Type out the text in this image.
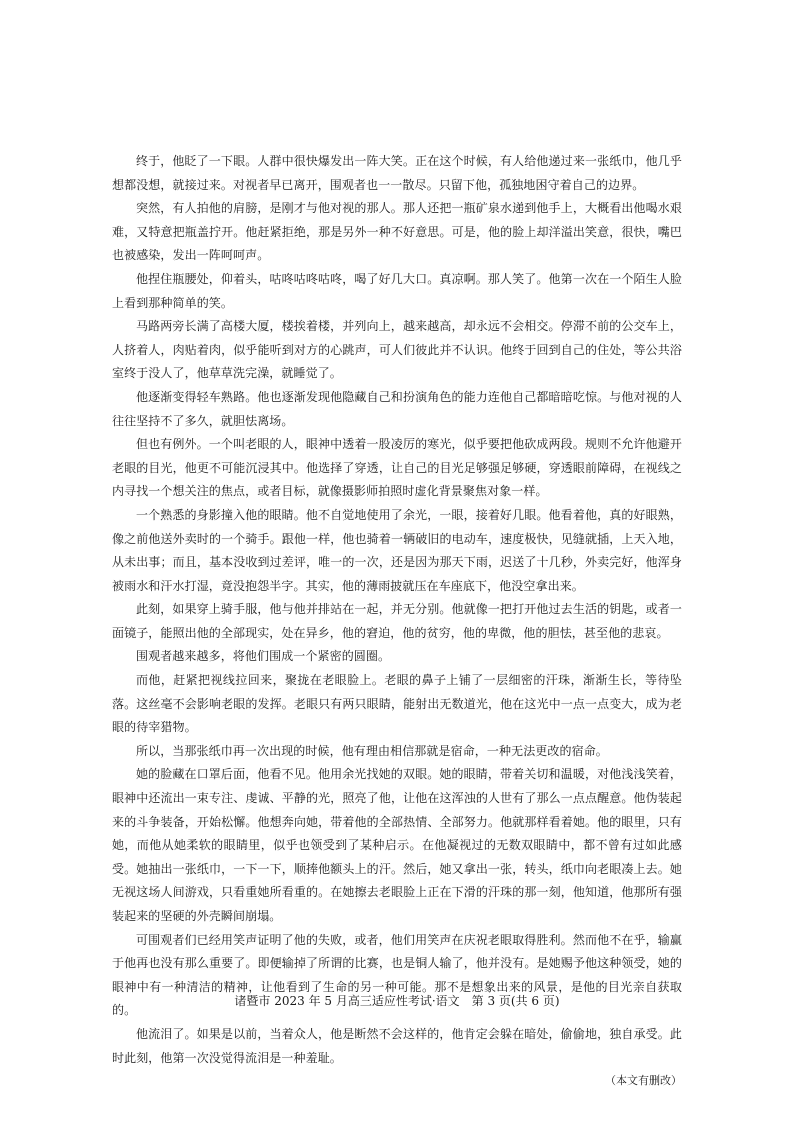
终于，他眨了一下眼。人群中很快爆发出一阵大笑。正在这个时候，有人给他递过来一张纸巾，他几乎想都没想，就接过来。对视者早已离开，围观者也一一散尽。只留下他，孤独地困守着自己的边界。

突然，有人拍他的肩膀，是刚才与他对视的那人。那人还把一瓶矿泉水递到他手上，大概看出他喝水艰难，又特意把瓶盖拧开。他赶紧拒绝，那是另外一种不好意思。可是，他的脸上却洋溢出笑意，很快，嘴巴也被感染，发出一阵呵呵声。

他捏住瓶腰处，仰着头，咕咚咕咚咕咚，喝了好几大口。真凉啊。那人笑了。他第一次在一个陌生人脸上看到那种简单的笑。

马路两旁长满了高楼大厦，楼挨着楼，并列向上，越来越高，却永远不会相交。停滞不前的公交车上，人挤着人，肉贴着肉，似乎能听到对方的心跳声，可人们彼此并不认识。他终于回到自己的住处，等公共浴室终于没人了，他草草洗完澡，就睡觉了。

他逐渐变得轻车熟路。他也逐渐发现他隐藏自己和扮演角色的能力连他自己都暗暗吃惊。与他对视的人往往坚持不了多久，就胆怯离场。

但也有例外。一个叫老眼的人，眼神中透着一股凌厉的寒光，似乎要把他砍成两段。规则不允许他避开老眼的目光，他更不可能沉浸其中。他选择了穿透，让自己的目光足够强足够硬，穿透眼前障碍，在视线之内寻找一个想关注的焦点，或者目标，就像摄影师拍照时虚化背景聚焦对象一样。

一个熟悉的身影撞入他的眼睛。他不自觉地使用了余光，一眼，接着好几眼。他看着他，真的好眼熟，像之前他送外卖时的一个骑手。跟他一样，他也骑着一辆破旧的电动车，速度极快，见缝就插，上天入地，从未出事；而且，基本没收到过差评，唯一的一次，还是因为那天下雨，迟送了十几秒，外卖完好，他浑身被雨水和汗水打湿，竟没抱怨半字。其实，他的薄雨披就压在车座底下，他没空拿出来。

此刻，如果穿上骑手服，他与他并排站在一起，并无分别。他就像一把打开他过去生活的钥匙，或者一面镜子，能照出他的全部现实，处在异乡，他的窘迫，他的贫穷，他的卑微，他的胆怯，甚至他的悲哀。

围观者越来越多，将他们围成一个紧密的圆圈。

而他，赶紧把视线拉回来，聚拢在老眼脸上。老眼的鼻子上铺了一层细密的汗珠，渐渐生长，等待坠落。这丝毫不会影响老眼的发挥。老眼只有两只眼睛，能射出无数道光，他在这光中一点一点变大，成为老眼的待宰猎物。

所以，当那张纸巾再一次出现的时候，他有理由相信那就是宿命，一种无法更改的宿命。

她的脸藏在口罩后面，他看不见。他用余光找她的双眼。她的眼睛，带着关切和温暖，对他浅浅笑着，眼神中还流出一束专注、虔诚、平静的光，照亮了他，让他在这浑浊的人世有了那么一点点醒意。他伪装起来的斗争装备，开始松懈。他想奔向她，带着他的全部热情、全部努力。他就那样看着她。他的眼里，只有她，而他从她柔软的眼睛里，似乎也领受到了某种启示。在他凝视过的无数双眼睛中，都不曾有过如此感受。她抽出一张纸巾，一下一下，顺捧他额头上的汗。然后，她又拿出一张，转头，纸巾向老眼凑上去。她无视这场人间游戏，只看重她所看重的。在她擦去老眼脸上正在下滑的汗珠的那一刻，他知道，他那所有强装起来的坚硬的外壳瞬间崩塌。

可围观者们已经用笑声证明了他的失败，或者，他们用笑声在庆祝老眼取得胜利。然而他不在乎，输赢于他再也没有那么重要了。即便输掉了所谓的比赛，也是铜人输了，他并没有。是她赐予他这种领受，她的眼神中有一种清洁的精神，让他看到了生命的另一种可能。那不是想象出来的风景，是他的目光亲自获取的。

他流泪了。如果是以前，当着众人，他是断然不会这样的，他肯定会躲在暗处，偷偷地，独自承受。此时此刻，他第一次没觉得流泪是一种羞耻。

（本文有删改）

诸暨市 2023 年 5 月高三适应性考试·语文　第 3 页(共 6 页)
